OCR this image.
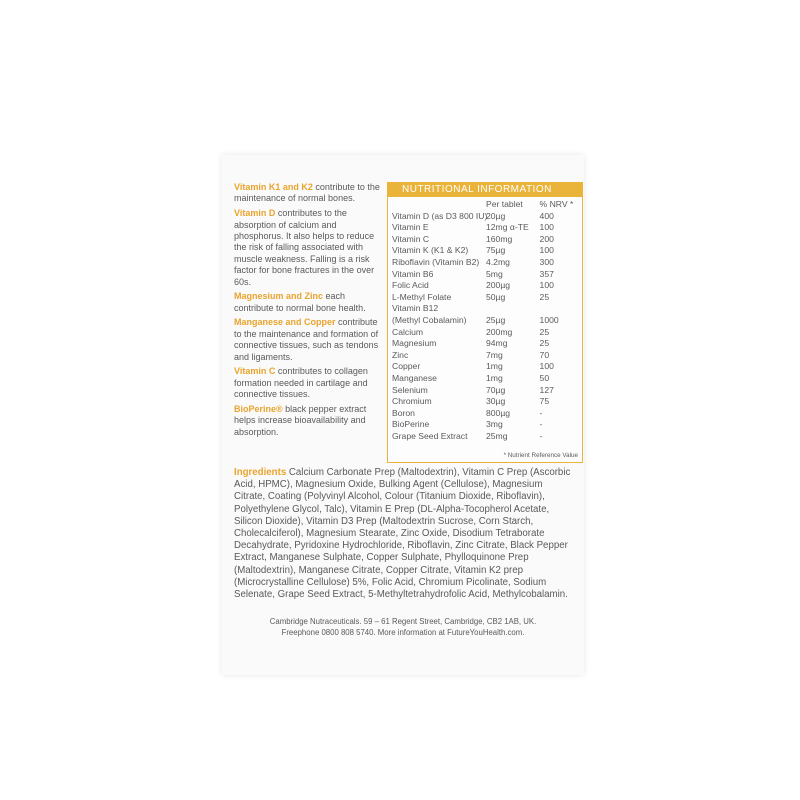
Vitamin K1 and K2 contribute to the maintenance of normal bones.

Vitamin D contributes to the absorption of calcium and phosphorus. It also helps to reduce the risk of falling associated with muscle weakness. Falling is a risk factor for bone fractures in the over 60s.

Magnesium and Zinc each contribute to normal bone health.

Manganese and Copper contribute to the maintenance and formation of connective tissues, such as tendons and ligaments.

Vitamin C contributes to collagen formation needed in cartilage and connective tissues.

BioPerine® black pepper extract helps increase bioavailability and absorption.

NUTRITIONAL INFORMATION
	Per tablet	% NRV *
Vitamin D (as D3 800 IU)	20µg	400
Vitamin E	12mg α-TE	100
Vitamin C	160mg	200
Vitamin K (K1 & K2)	75µg	100
Riboflavin (Vitamin B2)	4.2mg	300
Vitamin B6	5mg	357
Folic Acid	200µg	100
L-Methyl Folate	50µg	25
Vitamin B12		
(Methyl Cobalamin)	25µg	1000
Calcium	200mg	25
Magnesium	94mg	25
Zinc	7mg	70
Copper	1mg	100
Manganese	1mg	50
Selenium	70µg	127
Chromium	30µg	75
Boron	800µg	-
BioPerine	3mg	-
Grape Seed Extract	25mg	-
* Nutrient Reference Value
Ingredients Calcium Carbonate Prep (Maltodextrin), Vitamin C Prep (Ascorbic Acid, HPMC), Magnesium Oxide, Bulking Agent (Cellulose), Magnesium Citrate, Coating (Polyvinyl Alcohol, Colour (Titanium Dioxide, Riboflavin), Polyethylene Glycol, Talc), Vitamin E Prep (DL-Alpha-Tocopherol Acetate, Silicon Dioxide), Vitamin D3 Prep (Maltodextrin Sucrose, Corn Starch, Cholecalciferol), Magnesium Stearate, Zinc Oxide, Disodium Tetraborate Decahydrate, Pyridoxine Hydrochloride, Riboflavin, Zinc Citrate, Black Pepper Extract, Manganese Sulphate, Copper Sulphate, Phylloquinone Prep (Maltodextrin), Manganese Citrate, Copper Citrate, Vitamin K2 prep (Microcrystalline Cellulose) 5%, Folic Acid, Chromium Picolinate, Sodium Selenate, Grape Seed Extract, 5-Methyltetrahydrofolic Acid, Methylcobalamin.
Cambridge Nutraceuticals. 59 – 61 Regent Street, Cambridge, CB2 1AB, UK.
Freephone 0800 808 5740. More information at FutureYouHealth.com.
